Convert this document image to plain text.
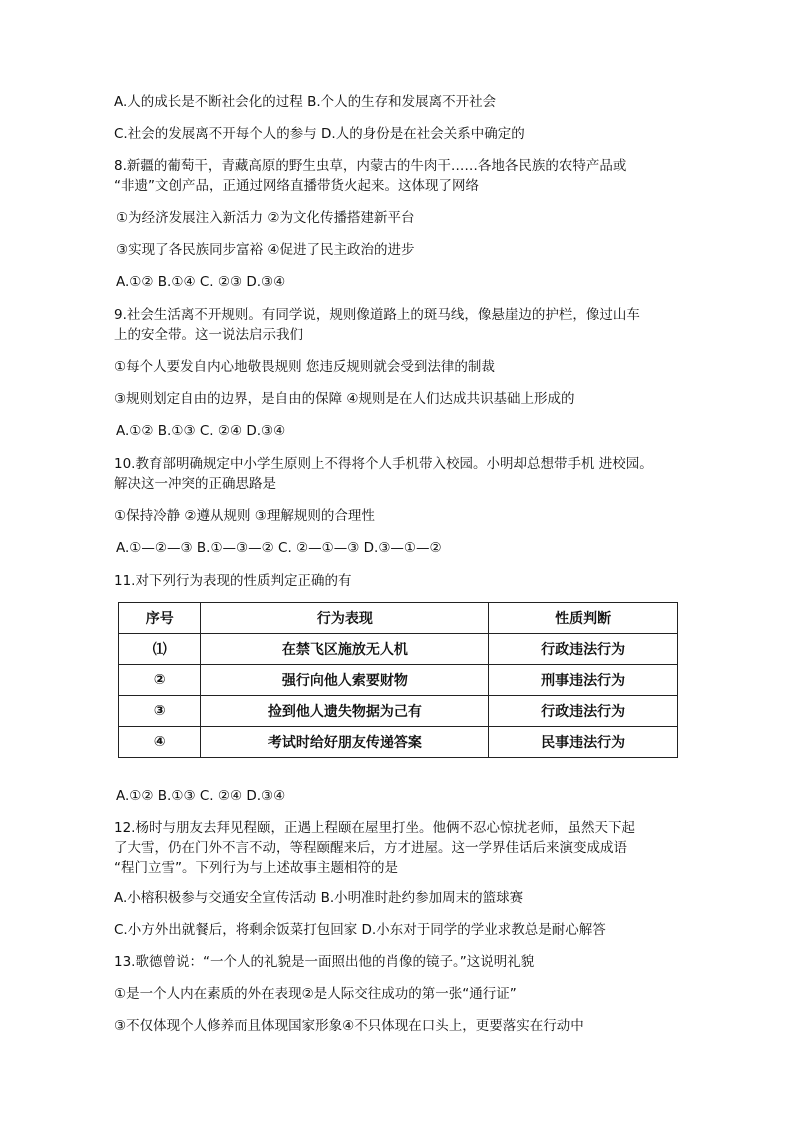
A.人的成长是不断社会化的过程 B.个人的生存和发展离不开社会
C.社会的发展离不开每个人的参与 D.人的身份是在社会关系中确定的
8.新疆的葡萄干，青藏高原的野生虫草，内蒙古的牛肉干……各地各民族的农特产品或
“非遗”文创产品，正通过网络直播带货火起来。这体现了网络
①为经济发展注入新活力 ②为文化传播搭建新平台
③实现了各民族同步富裕 ④促进了民主政治的进步
A.①② B.①④ C. ②③ D.③④
9.社会生活离不开规则。有同学说，规则像道路上的斑马线，像悬崖边的护栏，像过山车
上的安全带。这一说法启示我们
①每个人要发自内心地敬畏规则 您违反规则就会受到法律的制裁
③规则划定自由的边界，是自由的保障 ④规则是在人们达成共识基础上形成的
A.①② B.①③ C. ②④ D.③④
10.教育部明确规定中小学生原则上不得将个人手机带入校园。小明却总想带手机 进校园。
解决这一冲突的正确思路是
①保持冷静 ②遵从规则 ③理解规则的合理性
A.①—②—③ B.①—③—② C. ②—①—③ D.③—①—②
11.对下列行为表现的性质判定正确的有
序号	行为表现	性质判断
⑴	在禁飞区施放无人机	行政违法行为
②	强行向他人索要财物	刑事违法行为
③	捡到他人遗失物据为己有	行政违法行为
④	考试时给好朋友传递答案	民事违法行为
A.①② B.①③ C. ②④ D.③④
12.杨时与朋友去拜见程颐，正遇上程颐在屋里打坐。他俩不忍心惊扰老师，虽然天下起
了大雪，仍在门外不言不动，等程颐醒来后，方才进屋。这一学界佳话后来演变成成语
“程门立雪”。下列行为与上述故事主题相符的是
A.小榕积极参与交通安全宣传活动 B.小明准时赴约参加周末的篮球赛
C.小方外出就餐后，将剩余饭菜打包回家 D.小东对于同学的学业求教总是耐心解答
13.歌德曾说：“一个人的礼貌是一面照出他的肖像的镜子。”这说明礼貌
①是一个人内在素质的外在表现②是人际交往成功的第一张“通行证”
③不仅体现个人修养而且体现国家形象④不只体现在口头上，更要落实在行动中
